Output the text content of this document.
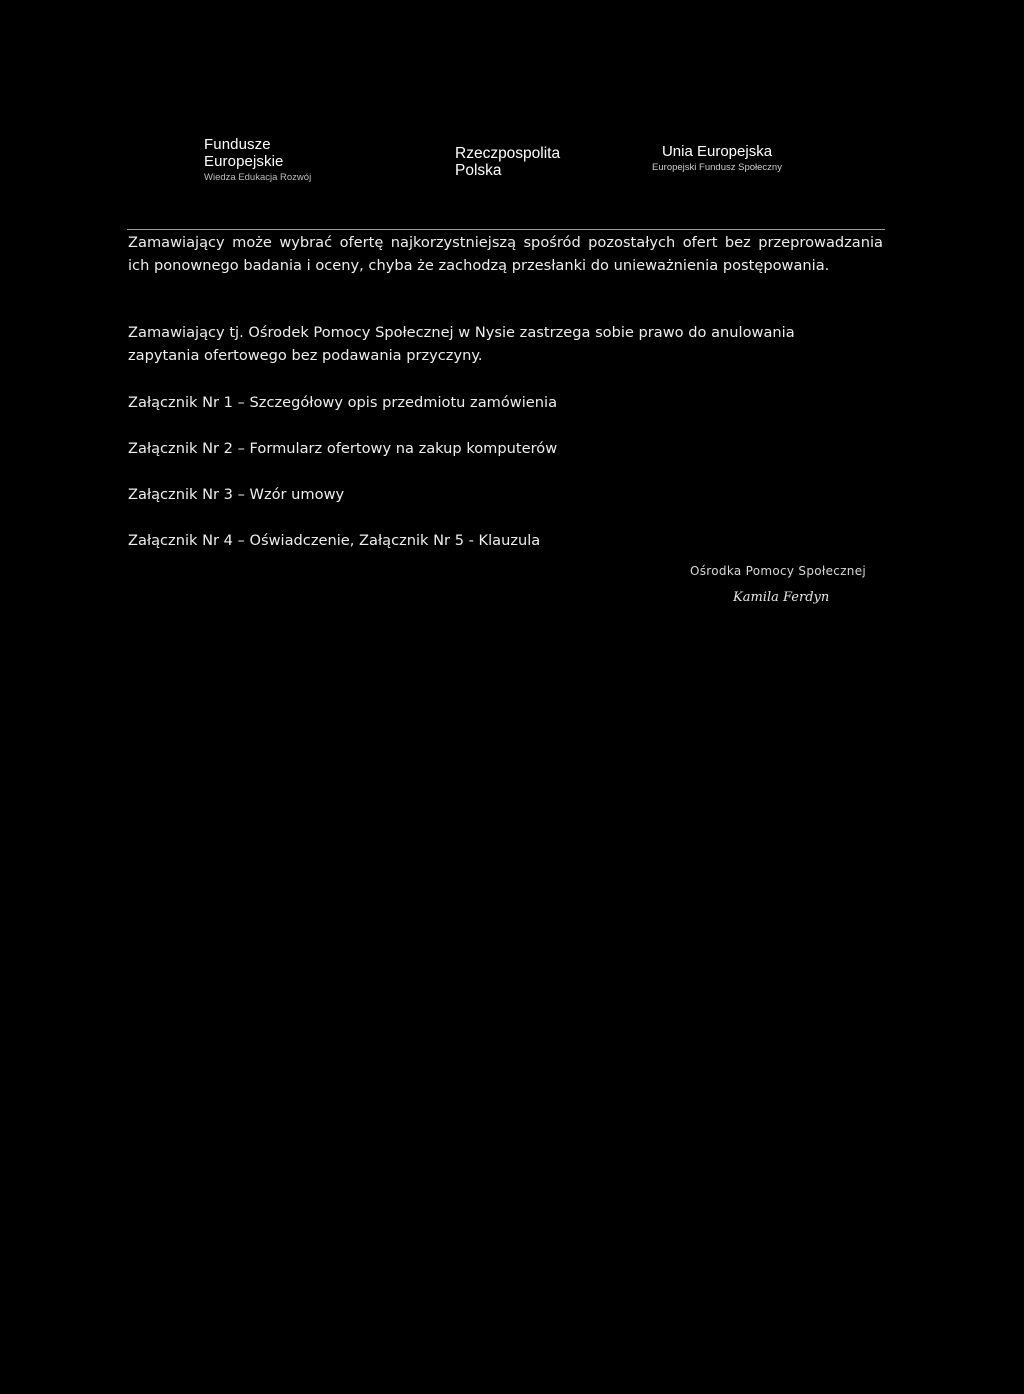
Fundusze
Europejskie
Wiedza Edukacja Rozwój
Rzeczpospolita
Polska
Unia Europejska
Europejski Fundusz Społeczny

Zamawiający może wybrać ofertę najkorzystniejszą spośród pozostałych ofert bez przeprowadzania ich ponownego badania i oceny, chyba że zachodzą przesłanki do unieważnienia postępowania.

Zamawiający tj. Ośrodek Pomocy Społecznej w Nysie zastrzega sobie prawo do anulowania
zapytania ofertowego bez podawania przyczyny.

Załącznik Nr 1 – Szczegółowy opis przedmiotu zamówienia

Załącznik Nr 2 – Formularz ofertowy na zakup komputerów

Załącznik Nr 3 – Wzór umowy

Załącznik Nr 4 – Oświadczenie, Załącznik Nr 5 - Klauzula

Ośrodka Pomocy Społecznej
Kamila Ferdyn
